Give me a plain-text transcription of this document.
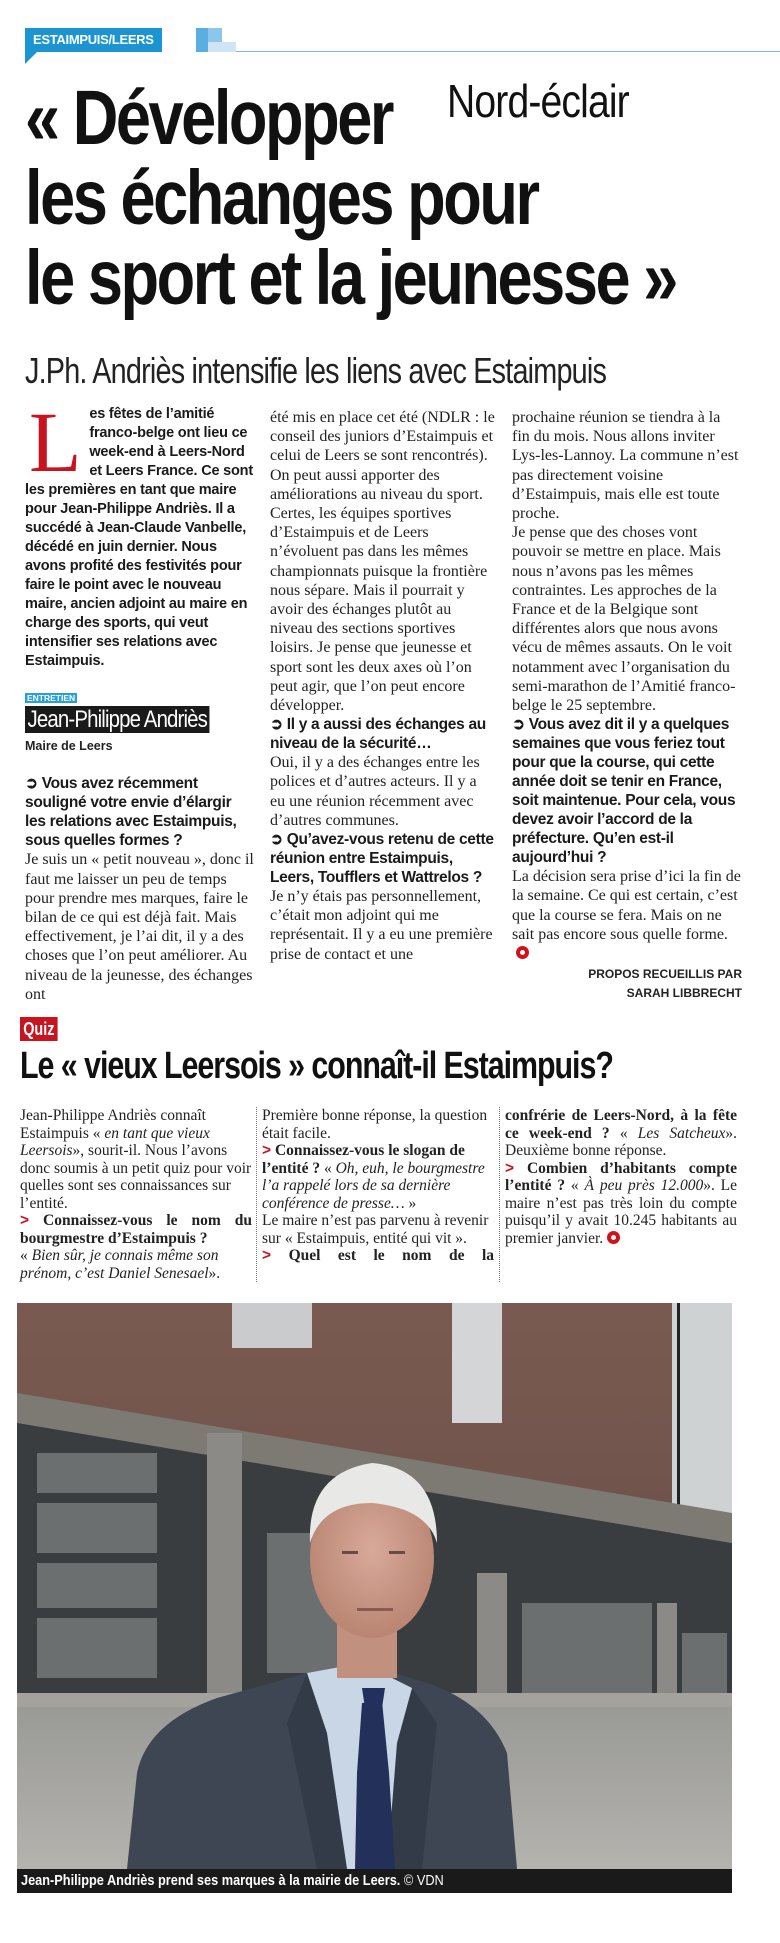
ESTAIMPUIS/LEERS
« Développer
les échanges pour
le sport et la jeunesse »
Nord-éclair
J.Ph. Andriès intensifie les liens avec Estaimpuis
Les fêtes de l’amitié franco-belge ont lieu ce week-end à Leers-Nord et Leers France. Ce sont les premières en tant que maire pour Jean-Philippe Andriès. Il a succédé à Jean-Claude Vanbelle, décédé en juin dernier. Nous avons profité des festivités pour faire le point avec le nouveau maire, ancien adjoint au maire en charge des sports, qui veut intensifier ses relations avec Estaimpuis.
ENTRETIEN
Jean-Philippe Andriès
Maire de Leers
➲ Vous avez récemment souligné votre envie d’élargir les relations avec Estaimpuis, sous quelles formes ?
Je suis un « petit nouveau », donc il faut me laisser un peu de temps pour prendre mes marques, faire le bilan de ce qui est déjà fait. Mais effectivement, je l’ai dit, il y a des choses que l’on peut améliorer. Au niveau de la jeunesse, des échanges ont
été mis en place cet été (NDLR : le conseil des juniors d’Estaimpuis et celui de Leers se sont rencontrés). On peut aussi apporter des améliorations au niveau du sport. Certes, les équipes sportives d’Estaimpuis et de Leers n’évoluent pas dans les mêmes championnats puisque la frontière nous sépare. Mais il pourrait y avoir des échanges plutôt au niveau des sections sportives loisirs. Je pense que jeunesse et sport sont les deux axes où l’on peut agir, que l’on peut encore développer.
➲ Il y a aussi des échanges au niveau de la sécurité…
Oui, il y a des échanges entre les polices et d’autres acteurs. Il y a eu une réunion récemment avec d’autres communes.
➲ Qu’avez-vous retenu de cette réunion entre Estaimpuis, Leers, Toufflers et Wattrelos ?
Je n’y étais pas personnellement, c’était mon adjoint qui me représentait. Il y a eu une première prise de contact et une
prochaine réunion se tiendra à la fin du mois. Nous allons inviter Lys-les-Lannoy. La commune n’est pas directement voisine d’Estaimpuis, mais elle est toute proche.
Je pense que des choses vont pouvoir se mettre en place. Mais nous n’avons pas les mêmes contraintes. Les approches de la France et de la Belgique sont différentes alors que nous avons vécu de mêmes assauts. On le voit notamment avec l’organisation du semi-marathon de l’Amitié franco-belge le 25 septembre.
➲ Vous avez dit il y a quelques semaines que vous feriez tout pour que la course, qui cette année doit se tenir en France, soit maintenue. Pour cela, vous devez avoir l’accord de la préfecture. Qu’en est-il aujourd’hui ?
La décision sera prise d’ici la fin de la semaine. Ce qui est certain, c’est que la course se fera. Mais on ne sait pas encore sous quelle forme.
PROPOS RECUEILLIS PAR
SARAH LIBBRECHT
Quiz
Le « vieux Leersois » connaît-il Estaimpuis?
Jean-Philippe Andriès connaît Estaimpuis « en tant que vieux Leersois», sourit-il. Nous l’avons donc soumis à un petit quiz pour voir quelles sont ses connaissances sur l’entité.
> Connaissez-vous le nom du bourgmestre d’Estaimpuis ?
« Bien sûr, je connais même son prénom, c’est Daniel Senesael».
Première bonne réponse, la question était facile.
> Connaissez-vous le slogan de l’entité ? « Oh, euh, le bourgmestre l’a rappelé lors de sa dernière conférence de presse… »
Le maire n’est pas parvenu à revenir sur « Estaimpuis, entité qui vit ».
> Quel est le nom de la
confrérie de Leers-Nord, à la fête ce week-end ? « Les Satcheux». Deuxième bonne réponse.
> Combien d’habitants compte l’entité ? « À peu près 12.000». Le maire n’est pas très loin du compte puisqu’il y avait 10.245 habitants au premier janvier.
Jean-Philippe Andriès prend ses marques à la mairie de Leers. © VDN
